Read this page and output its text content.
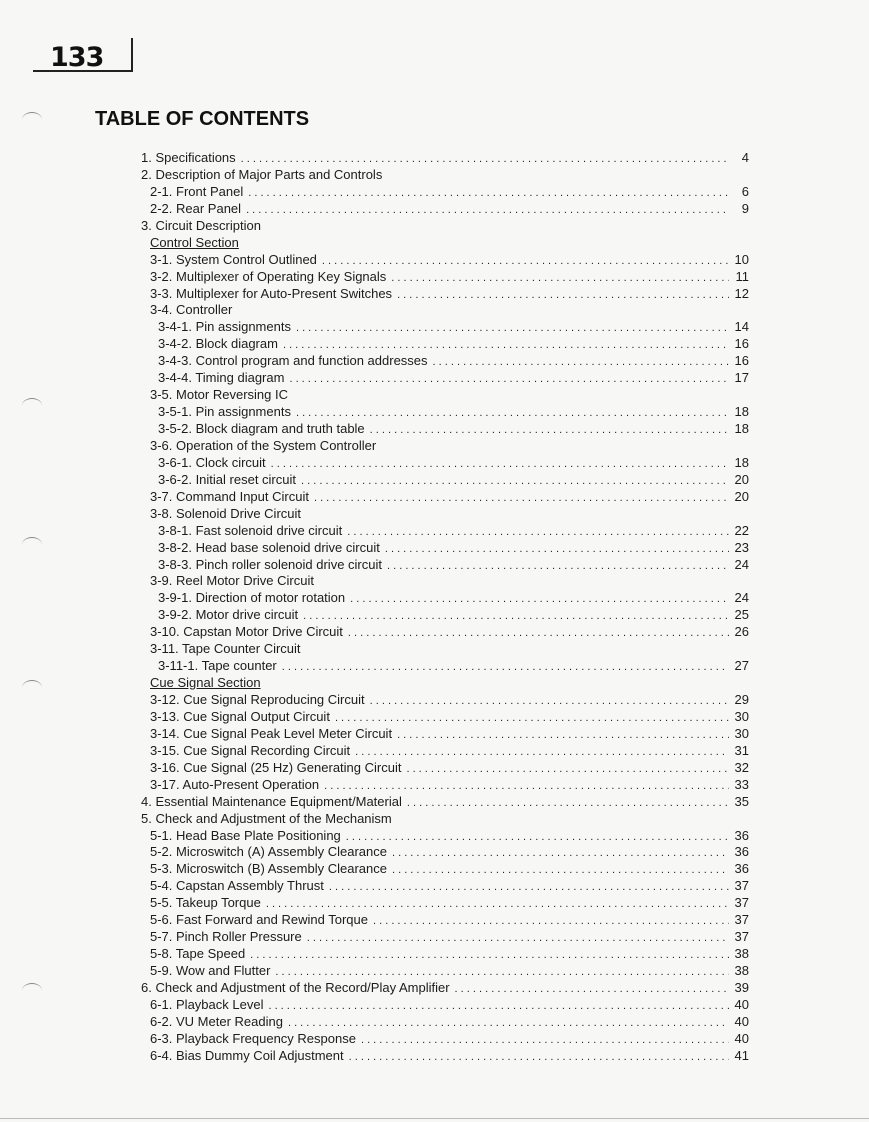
133
TABLE OF CONTENTS
1. Specifications . . .	4
2. Description of Major Parts and Controls
2-1. Front Panel . . .	6
2-2. Rear Panel . . .	9
3. Circuit Description
Control Section
3-1. System Control Outlined . . .	10
3-2. Multiplexer of Operating Key Signals . . .	11
3-3. Multiplexer for Auto-Present Switches . . .	12
3-4. Controller
3-4-1. Pin assignments . . .	14
3-4-2. Block diagram . . .	16
3-4-3. Control program and function addresses . . .	16
3-4-4. Timing diagram . . .	17
3-5. Motor Reversing IC
3-5-1. Pin assignments . . .	18
3-5-2. Block diagram and truth table . . .	18
3-6. Operation of the System Controller
3-6-1. Clock circuit . . .	18
3-6-2. Initial reset circuit . . .	20
3-7. Command Input Circuit . . .	20
3-8. Solenoid Drive Circuit
3-8-1. Fast solenoid drive circuit . . .	22
3-8-2. Head base solenoid drive circuit . . .	23
3-8-3. Pinch roller solenoid drive circuit . . .	24
3-9. Reel Motor Drive Circuit
3-9-1. Direction of motor rotation . . .	24
3-9-2. Motor drive circuit . . .	25
3-10. Capstan Motor Drive Circuit . . .	26
3-11. Tape Counter Circuit
3-11-1. Tape counter . . .	27
Cue Signal Section
3-12. Cue Signal Reproducing Circuit . . .	29
3-13. Cue Signal Output Circuit . . .	30
3-14. Cue Signal Peak Level Meter Circuit . . .	30
3-15. Cue Signal Recording Circuit . . .	31
3-16. Cue Signal (25 Hz) Generating Circuit . . .	32
3-17. Auto-Present Operation . . .	33
4. Essential Maintenance Equipment/Material . . .	35
5. Check and Adjustment of the Mechanism
5-1. Head Base Plate Positioning . . .	36
5-2. Microswitch (A) Assembly Clearance . . .	36
5-3. Microswitch (B) Assembly Clearance . . .	36
5-4. Capstan Assembly Thrust . . .	37
5-5. Takeup Torque . . .	37
5-6. Fast Forward and Rewind Torque . . .	37
5-7. Pinch Roller Pressure . . .	37
5-8. Tape Speed . . .	38
5-9. Wow and Flutter . . .	38
6. Check and Adjustment of the Record/Play Amplifier . . .	39
6-1. Playback Level . . .	40
6-2. VU Meter Reading . . .	40
6-3. Playback Frequency Response . . .	40
6-4. Bias Dummy Coil Adjustment . . .	41
